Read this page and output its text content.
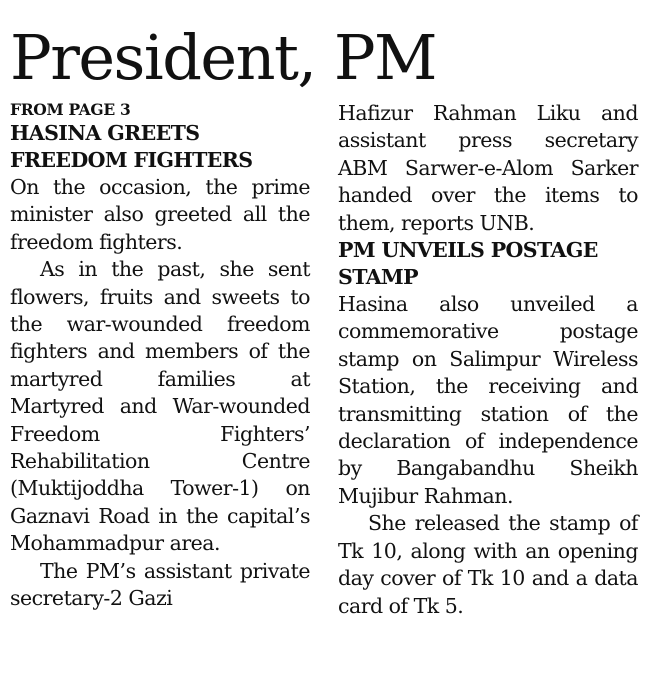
President, PM

FROM PAGE 3

HASINA GREETS FREEDOM FIGHTERS

On the occasion, the prime minister also greeted all the freedom fighters.

As in the past, she sent flowers, fruits and sweets to the war-wounded freedom fighters and members of the martyred families at Martyred and War-wounded Freedom Fighters’ Rehabilitation Centre (Muktijoddha Tower-1) on Gaznavi Road in the capital’s Mohammadpur area.

The PM’s assistant private secretary-2 Gazi

Hafizur Rahman Liku and assistant press secretary ABM Sarwer-e-Alom Sarker handed over the items to them, reports UNB.

PM UNVEILS POSTAGE STAMP

Hasina also unveiled a commemorative postage stamp on Salimpur Wireless Station, the receiving and transmitting station of the declaration of independence by Bangabandhu Sheikh Mujibur Rahman.

She released the stamp of Tk 10, along with an opening day cover of Tk 10 and a data card of Tk 5.
